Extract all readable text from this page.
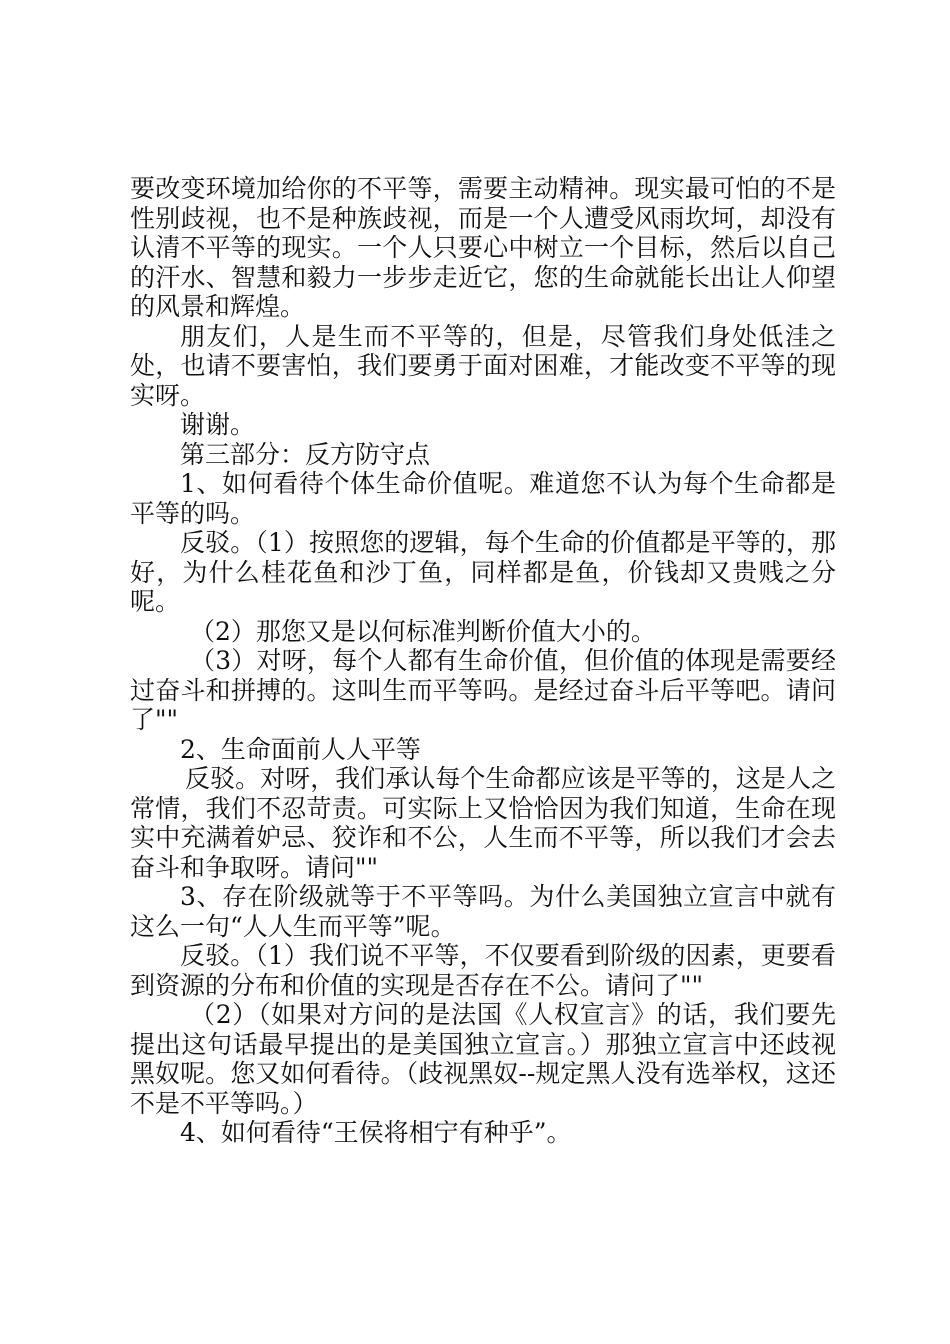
要改变环境加给你的不平等，需要主动精神。现实最可怕的不是性别歧视，也不是种族歧视，而是一个人遭受风雨坎坷，却没有认清不平等的现实。一个人只要心中树立一个目标，然后以自己的汗水、智慧和毅力一步步走近它，您的生命就能长出让人仰望的风景和辉煌。

朋友们，人是生而不平等的，但是，尽管我们身处低洼之处，也请不要害怕，我们要勇于面对困难，才能改变不平等的现实呀。

谢谢。

第三部分：反方防守点

1、如何看待个体生命价值呢。难道您不认为每个生命都是平等的吗。

反驳。（1）按照您的逻辑，每个生命的价值都是平等的，那好，为什么桂花鱼和沙丁鱼，同样都是鱼，价钱却又贵贱之分呢。

（2）那您又是以何标准判断价值大小的。

（3）对呀，每个人都有生命价值，但价值的体现是需要经过奋斗和拼搏的。这叫生而平等吗。是经过奋斗后平等吧。请问了""

2、生命面前人人平等

反驳。对呀，我们承认每个生命都应该是平等的，这是人之常情，我们不忍苛责。可实际上又恰恰因为我们知道，生命在现实中充满着妒忌、狡诈和不公，人生而不平等，所以我们才会去奋斗和争取呀。请问""

3、存在阶级就等于不平等吗。为什么美国独立宣言中就有这么一句“人人生而平等”呢。

反驳。（1）我们说不平等，不仅要看到阶级的因素，更要看到资源的分布和价值的实现是否存在不公。请问了""

（2）（如果对方问的是法国《人权宣言》的话，我们要先提出这句话最早提出的是美国独立宣言。）那独立宣言中还歧视黑奴呢。您又如何看待。（歧视黑奴--规定黑人没有选举权，这还不是不平等吗。）

4、如何看待“王侯将相宁有种乎”。
